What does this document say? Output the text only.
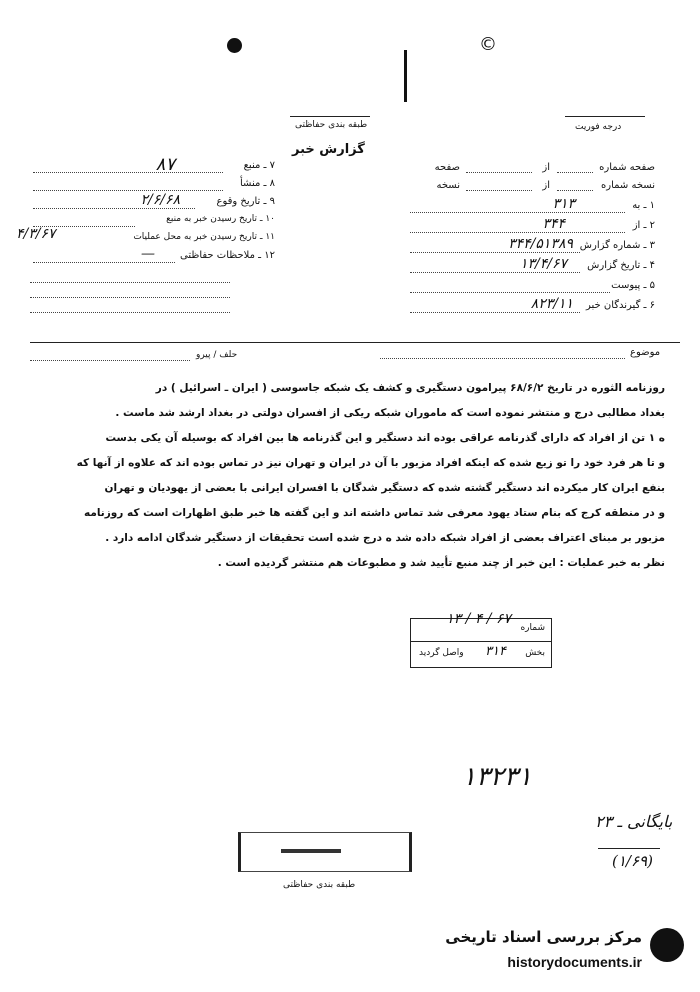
©
طبقه بندی حفاظتی
گزارش خبر
درجه فوریت
صفحه شماره
از
صفحه
نسخه شماره
از
نسخه
۱ ـ به
۳۱۳
۲ ـ از
۳۴۴
۳ ـ شماره گزارش
۳۴۴/۵۱۳۸۹
۴ ـ تاریخ گزارش
۱۳/۴/۶۷
۵ ـ پیوست
۶ ـ گیرندگان خبر
۸۲۳/۱۱
۷ ـ منبع
۸۷
۸ ـ منشأ
۹ ـ تاریخ وقوع
۲/۶/۶۸
۱۰ ـ تاریخ رسیدن خبر به منبع
۱۱ ـ تاریخ رسیدن خبر به محل عملیات
۴/۳/۶۷
۱۲ ـ ملاحظات حفاظتی
—
موضوع
حلف / پیرو
روزنامه الثوره در تاریخ ۶۸/۶/۲ پیرامون دستگیری و کشف یک شبکه جاسوسی ( ایران ـ اسرائیل ) در
بغداد مطالبی درج و منتشر نموده است که ماموران شبکه ریکی از افسران دولتی در بغداد ارشد شد ماست .
ه ۱ تن از افراد که دارای گذرنامه عراقی بوده اند دستگیر و این گذرنامه ها بین افراد که بوسیله آن یکی بدست
و تا هر فرد خود را تو زیع شده که اینکه افراد مزبور با آن در ایران و تهران نیز در تماس بوده اند که علاوه از آنها که
بنفع ایران کار میکرده اند دستگیر گشته شده که دستگیر شدگان با افسران ایرانی با بعضی از یهودیان و تهران
و در منطقه کرج که بنام ستاد یهود معرفی شد تماس داشته اند و این گفته ها خبر طبق اظهارات است که روزنامه
مزبور بر مبنای اعتراف بعضی از افراد شبکه داده شد ه درج شده است تحقیقات از دستگیر شدگان ادامه دارد .
نظر به خبر عملیات : این خبر از چند منبع تأیید شد و مطبوعات هم منتشر گردیده است .
شماره
۱۳ / ۴ / ۶۷
بخش
۳۱۴
واصل گردید
۱۳۲۳۱
بایگانی ـ ۲۳
(۱/۶۹)
طبقه بندی حفاظتی
مرکز بررسی اسناد تاریخی
historydocuments.ir
